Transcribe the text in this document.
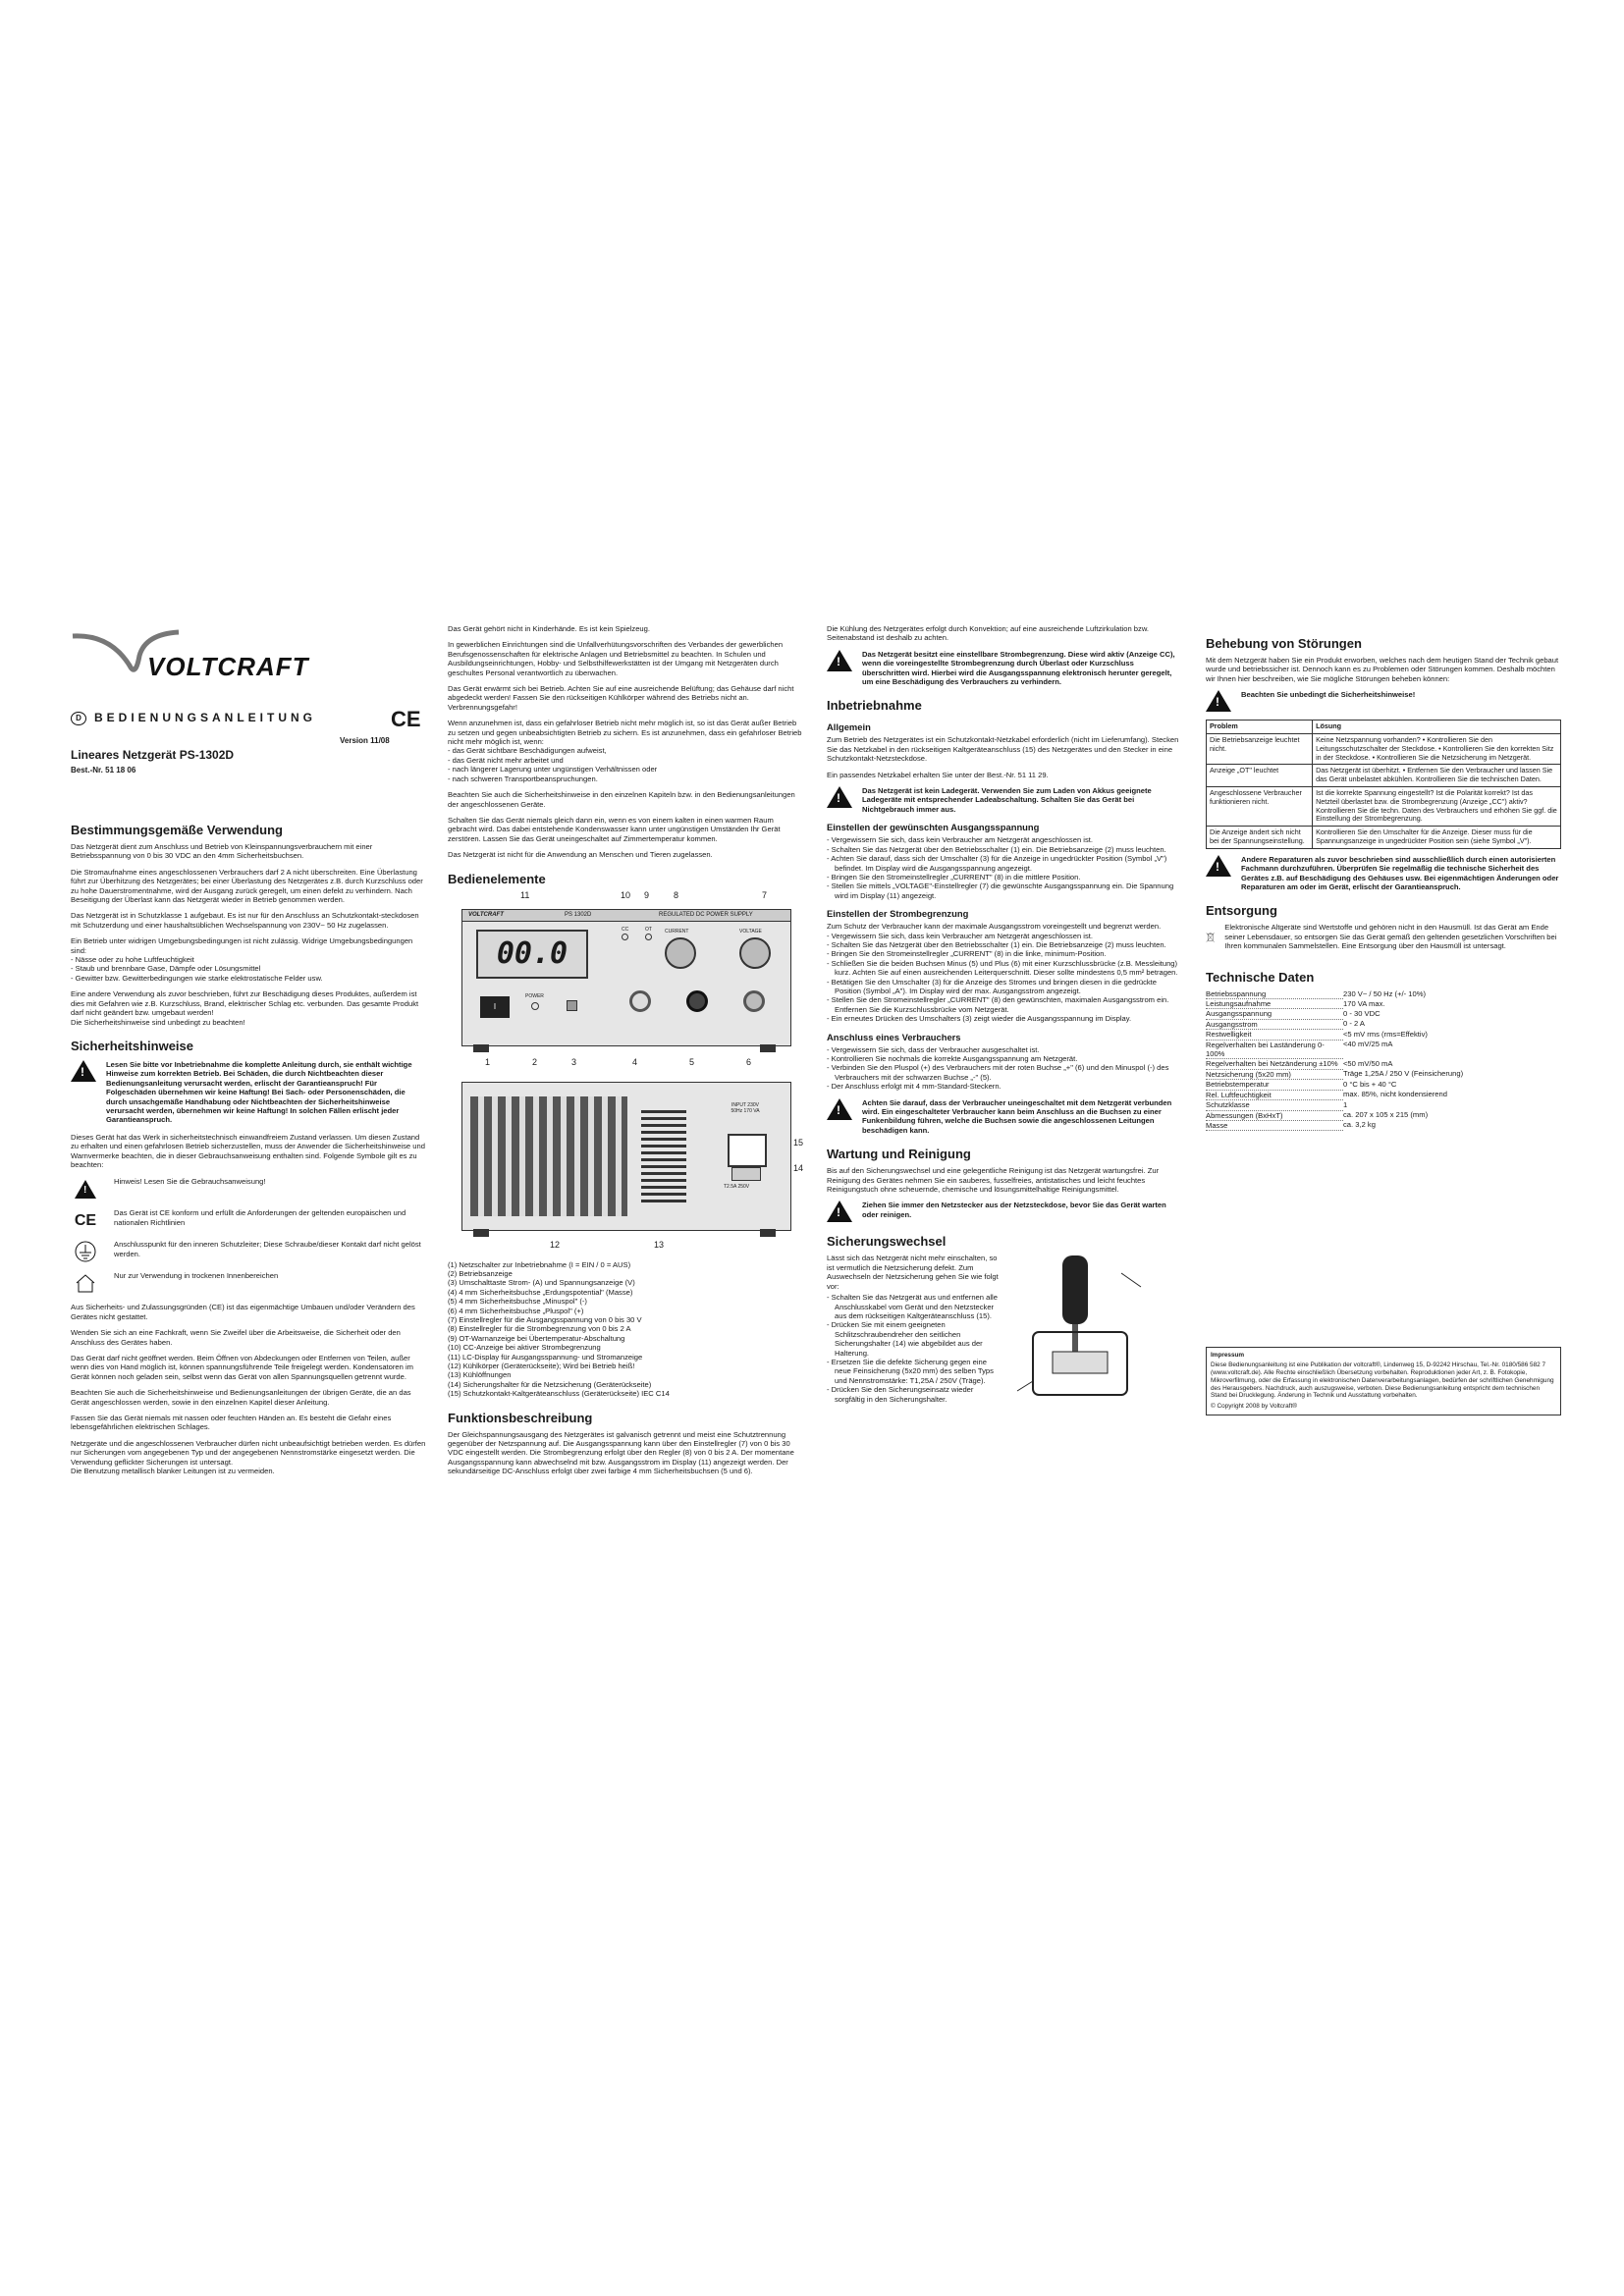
VOLTCRAFT
D BEDIENUNGSANLEITUNG	CE
Version 11/08
Lineares Netzgerät PS-1302D
Best.-Nr. 51 18 06
Bestimmungsgemäße Verwendung

Das Netzgerät dient zum Anschluss und Betrieb von Kleinspannungsverbrauchern mit einer Betriebsspannung von 0 bis 30 VDC an den 4mm Sicherheitsbuchsen.

Die Stromaufnahme eines angeschlossenen Verbrauchers darf 2 A nicht überschreiten. Eine Überlastung führt zur Überhitzung des Netzgerätes; bei einer Überlastung des Netzgerätes z.B. durch Kurzschluss oder zu hohe Dauerstromentnahme, wird der Ausgang zurück geregelt, um einen defekt zu verhindern. Nach Beseitigung der Überlast kann das Netzgerät wieder in Betrieb genommen werden.

Das Netzgerät ist in Schutzklasse 1 aufgebaut. Es ist nur für den Anschluss an Schutzkontakt-steckdosen mit Schutzerdung und einer haushaltsüblichen Wechselspannung von 230V~ 50 Hz zugelassen.

Ein Betrieb unter widrigen Umgebungsbedingungen ist nicht zulässig. Widrige Umgebungsbedingungen sind:

- Nässe oder zu hohe Luftfeuchtigkeit
- Staub und brennbare Gase, Dämpfe oder Lösungsmittel
- Gewitter bzw. Gewitterbedingungen wie starke elektrostatische Felder usw.

Eine andere Verwendung als zuvor beschrieben, führt zur Beschädigung dieses Produktes, außerdem ist dies mit Gefahren wie z.B. Kurzschluss, Brand, elektrischer Schlag etc. verbunden. Das gesamte Produkt darf nicht geändert bzw. umgebaut werden!

Die Sicherheitshinweise sind unbedingt zu beachten!

Sicherheitshinweise
!
Lesen Sie bitte vor Inbetriebnahme die komplette Anleitung durch, sie enthält wichtige Hinweise zum korrekten Betrieb. Bei Schäden, die durch Nichtbeachten dieser Bedienungsanleitung verursacht werden, erlischt der Garantieanspruch! Für Folgeschäden übernehmen wir keine Haftung! Bei Sach- oder Personenschäden, die durch unsachgemäße Handhabung oder Nichtbeachten der Sicherheitshinweise verursacht werden, übernehmen wir keine Haftung! In solchen Fällen erlischt jeder Garantieanspruch.

Dieses Gerät hat das Werk in sicherheitstechnisch einwandfreiem Zustand verlassen. Um diesen Zustand zu erhalten und einen gefahrlosen Betrieb sicherzustellen, muss der Anwender die Sicherheitshinweise und Warnvermerke beachten, die in dieser Gebrauchsanweisung enthalten sind. Folgende Symbole gilt es zu beachten:

!
Hinweis! Lesen Sie die Gebrauchsanweisung!
CE	Das Gerät ist CE konform und erfüllt die Anforderungen der geltenden europäischen und nationalen Richtlinien
Anschlusspunkt für den inneren Schutzleiter; Diese Schraube/dieser Kontakt darf nicht gelöst werden.
Nur zur Verwendung in trockenen Innenbereichen

Aus Sicherheits- und Zulassungsgründen (CE) ist das eigenmächtige Umbauen und/oder Verändern des Gerätes nicht gestattet.

Wenden Sie sich an eine Fachkraft, wenn Sie Zweifel über die Arbeitsweise, die Sicherheit oder den Anschluss des Gerätes haben.

Das Gerät darf nicht geöffnet werden. Beim Öffnen von Abdeckungen oder Entfernen von Teilen, außer wenn dies von Hand möglich ist, können spannungsführende Teile freigelegt werden. Kondensatoren im Gerät können noch geladen sein, selbst wenn das Gerät von allen Spannungsquellen getrennt wurde.

Beachten Sie auch die Sicherheitshinweise und Bedienungsanleitungen der übrigen Geräte, die an das Gerät angeschlossen werden, sowie in den einzelnen Kapitel dieser Anleitung.

Fassen Sie das Gerät niemals mit nassen oder feuchten Händen an. Es besteht die Gefahr eines lebensgefährlichen elektrischen Schlages.

Netzgeräte und die angeschlossenen Verbraucher dürfen nicht unbeaufsichtigt betrieben werden. Es dürfen nur Sicherungen vom angegebenen Typ und der angegebenen Nennstromstärke eingesetzt werden. Die Verwendung geflickter Sicherungen ist untersagt.

Die Benutzung metallisch blanker Leitungen ist zu vermeiden.

Das Gerät gehört nicht in Kinderhände. Es ist kein Spielzeug.

In gewerblichen Einrichtungen sind die Unfallverhütungsvorschriften des Verbandes der gewerblichen Berufsgenossenschaften für elektrische Anlagen und Betriebsmittel zu beachten. In Schulen und Ausbildungseinrichtungen, Hobby- und Selbsthilfewerkstätten ist der Umgang mit Netzgeräten durch geschultes Personal verantwortlich zu überwachen.

Das Gerät erwärmt sich bei Betrieb. Achten Sie auf eine ausreichende Belüftung; das Gehäuse darf nicht abgedeckt werden! Fassen Sie den rückseitigen Kühlkörper während des Betriebs nicht an. Verbrennungsgefahr!

Wenn anzunehmen ist, dass ein gefahrloser Betrieb nicht mehr möglich ist, so ist das Gerät außer Betrieb zu setzen und gegen unbeabsichtigten Betrieb zu sichern. Es ist anzunehmen, dass ein gefahrloser Betrieb nicht mehr möglich ist, wenn:

- das Gerät sichtbare Beschädigungen aufweist,
- das Gerät nicht mehr arbeitet und
- nach längerer Lagerung unter ungünstigen Verhältnissen oder
- nach schweren Transportbeanspruchungen.

Beachten Sie auch die Sicherheitshinweise in den einzelnen Kapiteln bzw. in den Bedienungsanleitungen der angeschlossenen Geräte.

Schalten Sie das Gerät niemals gleich dann ein, wenn es von einem kalten in einen warmen Raum gebracht wird. Das dabei entstehende Kondenswasser kann unter ungünstigen Umständen Ihr Gerät zerstören. Lassen Sie das Gerät uneingeschaltet auf Zimmertemperatur kommen.

Das Netzgerät ist nicht für die Anwendung an Menschen und Tieren zugelassen.

Bedienelemente
11	10 9	8	7
VOLTCRAFT	PS 1302D	REGULATED DC POWER SUPPLY
00.0
CC	OT	CURRENT	VOLTAGE
I
POWER
1	2	3	4	5	6
INPUT 230V 50Hz 170 VA
T2.5A 250V
12	13
15
14
(1) Netzschalter zur Inbetriebnahme (I = EIN / 0 = AUS)
(2) Betriebsanzeige
(3) Umschalttaste Strom- (A) und Spannungsanzeige (V)
(4) 4 mm Sicherheitsbuchse „Erdungspotential" (Masse)
(5) 4 mm Sicherheitsbuchse „Minuspol" (-)
(6) 4 mm Sicherheitsbuchse „Pluspol" (+)
(7) Einstellregler für die Ausgangsspannung von 0 bis 30 V
(8) Einstellregler für die Strombegrenzung von 0 bis 2 A
(9) OT-Warnanzeige bei Übertemperatur-Abschaltung
(10) CC-Anzeige bei aktiver Strombegrenzung
(11) LC-Display für Ausgangsspannung- und Stromanzeige
(12) Kühlkörper (Geräterückseite); Wird bei Betrieb heiß!
(13) Kühlöffnungen
(14) Sicherungshalter für die Netzsicherung (Geräterückseite)
(15) Schutzkontakt-Kaltgeräteanschluss (Geräterückseite) IEC C14
Funktionsbeschreibung

Der Gleichspannungsausgang des Netzgerätes ist galvanisch getrennt und meist eine Schutztrennung gegenüber der Netzspannung auf. Die Ausgangsspannung kann über den Einstellregler (7) von 0 bis 30 VDC eingestellt werden. Die Strombegrenzung erfolgt über den Regler (8) von 0 bis 2 A. Der momentane Ausgangsspannung kann abwechselnd mit bzw. Ausgangsstrom im Display (11) angezeigt werden. Der sekundärseitige DC-Anschluss erfolgt über zwei farbige 4 mm Sicherheitsbuchsen (5 und 6).

Die Kühlung des Netzgerätes erfolgt durch Konvektion; auf eine ausreichende Luftzirkulation bzw. Seitenabstand ist deshalb zu achten.

!
Das Netzgerät besitzt eine einstellbare Strombegrenzung. Diese wird aktiv (Anzeige CC), wenn die voreingestellte Strombegrenzung durch Überlast oder Kurzschluss überschritten wird. Hierbei wird die Ausgangsspannung elektronisch herunter geregelt, um eine Beschädigung des Verbrauchers zu verhindern.
Inbetriebnahme
Allgemein

Zum Betrieb des Netzgerätes ist ein Schutzkontakt-Netzkabel erforderlich (nicht im Lieferumfang). Stecken Sie das Netzkabel in den rückseitigen Kaltgeräteanschluss (15) des Netzgerätes und den Stecker in eine Schutzkontakt-Netzsteckdose.

Ein passendes Netzkabel erhalten Sie unter der Best.-Nr. 51 11 29.

!
Das Netzgerät ist kein Ladegerät. Verwenden Sie zum Laden von Akkus geeignete Ladegeräte mit entsprechender Ladeabschaltung. Schalten Sie das Gerät bei Nichtgebrauch immer aus.
Einstellen der gewünschten Ausgangsspannung
- Vergewissern Sie sich, dass kein Verbraucher am Netzgerät angeschlossen ist.
- Schalten Sie das Netzgerät über den Betriebsschalter (1) ein. Die Betriebsanzeige (2) muss leuchten.
- Achten Sie darauf, dass sich der Umschalter (3) für die Anzeige in ungedrückter Position (Symbol „V") befindet. Im Display wird die Ausgangsspannung angezeigt.
- Bringen Sie den Stromeinstellregler „CURRENT" (8) in die mittlere Position.
- Stellen Sie mittels „VOLTAGE"-Einstellregler (7) die gewünschte Ausgangsspannung ein. Die Spannung wird im Display (11) angezeigt.
Einstellen der Strombegrenzung

Zum Schutz der Verbraucher kann der maximale Ausgangsstrom voreingestellt und begrenzt werden.

- Vergewissern Sie sich, dass kein Verbraucher am Netzgerät angeschlossen ist.
- Schalten Sie das Netzgerät über den Betriebsschalter (1) ein. Die Betriebsanzeige (2) muss leuchten.
- Bringen Sie den Stromeinstellregler „CURRENT" (8) in die linke, minimum-Position.
- Schließen Sie die beiden Buchsen Minus (5) und Plus (6) mit einer Kurzschlussbrücke (z.B. Messleitung) kurz. Achten Sie auf einen ausreichenden Leiterquerschnitt. Dieser sollte mindestens 0,5 mm² betragen.
- Betätigen Sie den Umschalter (3) für die Anzeige des Stromes und bringen diesen in die gedrückte Position (Symbol „A"). Im Display wird der max. Ausgangsstrom angezeigt.
- Stellen Sie den Stromeinstellregler „CURRENT" (8) den gewünschten, maximalen Ausgangsstrom ein. Entfernen Sie die Kurzschlussbrücke vom Netzgerät.
- Ein erneutes Drücken des Umschalters (3) zeigt wieder die Ausgangsspannung im Display.
Anschluss eines Verbrauchers
- Vergewissern Sie sich, dass der Verbraucher ausgeschaltet ist.
- Kontrollieren Sie nochmals die korrekte Ausgangsspannung am Netzgerät.
- Verbinden Sie den Pluspol (+) des Verbrauchers mit der roten Buchse „+" (6) und den Minuspol (-) des Verbrauchers mit der schwarzen Buchse „-" (5).
- Der Anschluss erfolgt mit 4 mm-Standard-Steckern.
!
Achten Sie darauf, dass der Verbraucher uneingeschaltet mit dem Netzgerät verbunden wird. Ein eingeschalteter Verbraucher kann beim Anschluss an die Buchsen zu einer Funkenbildung führen, welche die Buchsen sowie die angeschlossenen Leitungen beschädigen kann.
Wartung und Reinigung

Bis auf den Sicherungswechsel und eine gelegentliche Reinigung ist das Netzgerät wartungsfrei. Zur Reinigung des Gerätes nehmen Sie ein sauberes, fusselfreies, antistatisches und leicht feuchtes Reinigungstuch ohne scheuernde, chemische und lösungsmittelhaltige Reinigungsmittel.

!
Ziehen Sie immer den Netzstecker aus der Netzsteckdose, bevor Sie das Gerät warten oder reinigen.
Sicherungswechsel

Lässt sich das Netzgerät nicht mehr einschalten, so ist vermutlich die Netzsicherung defekt. Zum Auswechseln der Netzsicherung gehen Sie wie folgt vor:

- Schalten Sie das Netzgerät aus und entfernen alle Anschlusskabel vom Gerät und den Netzstecker aus dem rückseitigen Kaltgeräteanschluss (15).
- Drücken Sie mit einem geeigneten Schlitzschraubendreher den seitlichen Sicherungshalter (14) wie abgebildet aus der Halterung.
- Ersetzen Sie die defekte Sicherung gegen eine neue Feinsicherung (5x20 mm) des selben Typs und Nennstromstärke: T1,25A / 250V (Träge).
- Drücken Sie den Sicherungseinsatz wieder sorgfältig in den Sicherungshalter.
Behebung von Störungen

Mit dem Netzgerät haben Sie ein Produkt erworben, welches nach dem heutigen Stand der Technik gebaut wurde und betriebssicher ist. Dennoch kann es zu Problemen oder Störungen kommen. Deshalb möchten wir Ihnen hier beschreiben, wie Sie mögliche Störungen beheben können:

!
Beachten Sie unbedingt die Sicherheitshinweise!
Problem	Lösung
Die Betriebsanzeige leuchtet nicht.	Keine Netzspannung vorhanden? • Kontrollieren Sie den Leitungsschutzschalter der Steckdose. • Kontrollieren Sie den korrekten Sitz in der Steckdose. • Kontrollieren Sie die Netzsicherung im Netzgerät.
Anzeige „OT" leuchtet	Das Netzgerät ist überhitzt. • Entfernen Sie den Verbraucher und lassen Sie das Gerät unbelastet abkühlen. Kontrollieren Sie die technischen Daten.
Angeschlossene Verbraucher funktionieren nicht.	Ist die korrekte Spannung eingestellt? Ist die Polarität korrekt? Ist das Netzteil überlastet bzw. die Strombegrenzung (Anzeige „CC") aktiv? Kontrollieren Sie die techn. Daten des Verbrauchers und erhöhen Sie ggf. die Einstellung der Strombegrenzung.
Die Anzeige ändert sich nicht bei der Spannungseinstellung.	Kontrollieren Sie den Umschalter für die Anzeige. Dieser muss für die Spannungsanzeige in ungedrückter Position sein (siehe Symbol „V").
!
Andere Reparaturen als zuvor beschrieben sind ausschließlich durch einen autorisierten Fachmann durchzuführen. Überprüfen Sie regelmäßig die technische Sicherheit des Gerätes z.B. auf Beschädigung des Gehäuses usw. Bei eigenmächtigen Änderungen oder Reparaturen am oder im Gerät, erlischt der Garantieanspruch.
Entsorgung

Elektronische Altgeräte sind Wertstoffe und gehören nicht in den Hausmüll. Ist das Gerät am Ende seiner Lebensdauer, so entsorgen Sie das Gerät gemäß den geltenden gesetzlichen Vorschriften bei Ihren kommunalen Sammelstellen. Eine Entsorgung über den Hausmüll ist untersagt.

Technische Daten
Betriebsspannung	230 V~ / 50 Hz (+/- 10%)
Leistungsaufnahme	170 VA max.
Ausgangsspannung	0 - 30 VDC
Ausgangsstrom	0 - 2 A
Restwelligkeit	<5 mV rms (rms=Effektiv)
Regelverhalten bei Laständerung 0-100%	<40 mV/25 mA
Regelverhalten bei Netzänderung ±10%	<50 mV/50 mA
Netzsicherung (5x20 mm)	Träge 1,25A / 250 V (Feinsicherung)
Betriebstemperatur	0 °C bis + 40 °C
Rel. Luftfeuchtigkeit	max. 85%, nicht kondensierend
Schutzklasse	1
Abmessungen (BxHxT)	ca. 207 x 105 x 215 (mm)
Masse	ca. 3,2 kg
Impressum
Diese Bedienungsanleitung ist eine Publikation der voltcraft®, Lindenweg 15, D-92242 Hirschau, Tel.-Nr. 0180/586 582 7 (www.voltcraft.de). Alle Rechte einschließlich Übersetzung vorbehalten. Reproduktionen jeder Art, z. B. Fotokopie, Mikroverfilmung, oder die Erfassung in elektronischen Datenverarbeitungsanlagen, bedürfen der schriftlichen Genehmigung des Herausgebers. Nachdruck, auch auszugsweise, verboten. Diese Bedienungsanleitung entspricht dem technischen Stand bei Drucklegung. Änderung in Technik und Ausstattung vorbehalten.
© Copyright 2008 by Voltcraft®
